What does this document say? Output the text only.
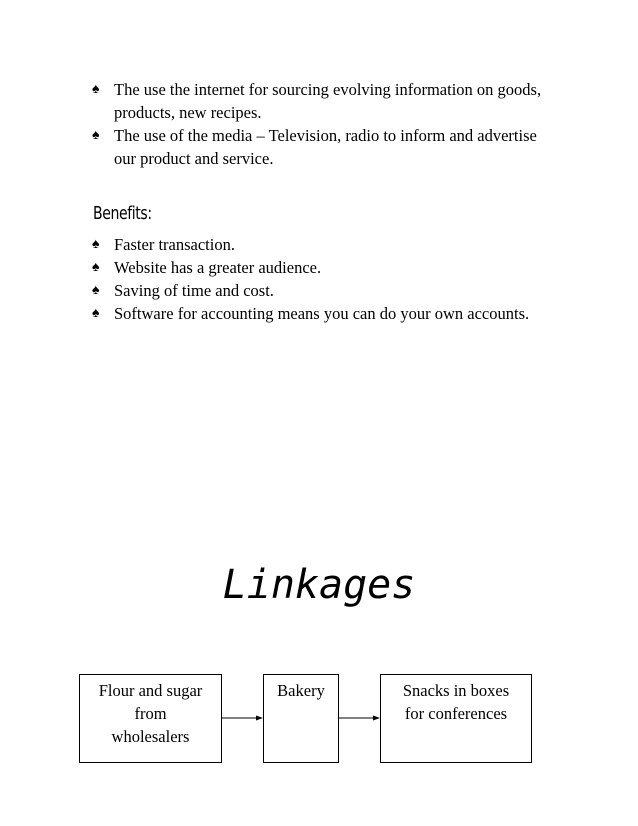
♠ The use the internet for sourcing evolving information on goods, products, new recipes.
♠ The use of the media – Television, radio to inform and advertise our product and service.
Benefits:
♠ Faster transaction.
♠ Website has a greater audience.
♠ Saving of time and cost.
♠ Software for accounting means you can do your own accounts.
Linkages
Flour and sugar
from
wholesalers
Bakery	Snacks in boxes
for conferences
